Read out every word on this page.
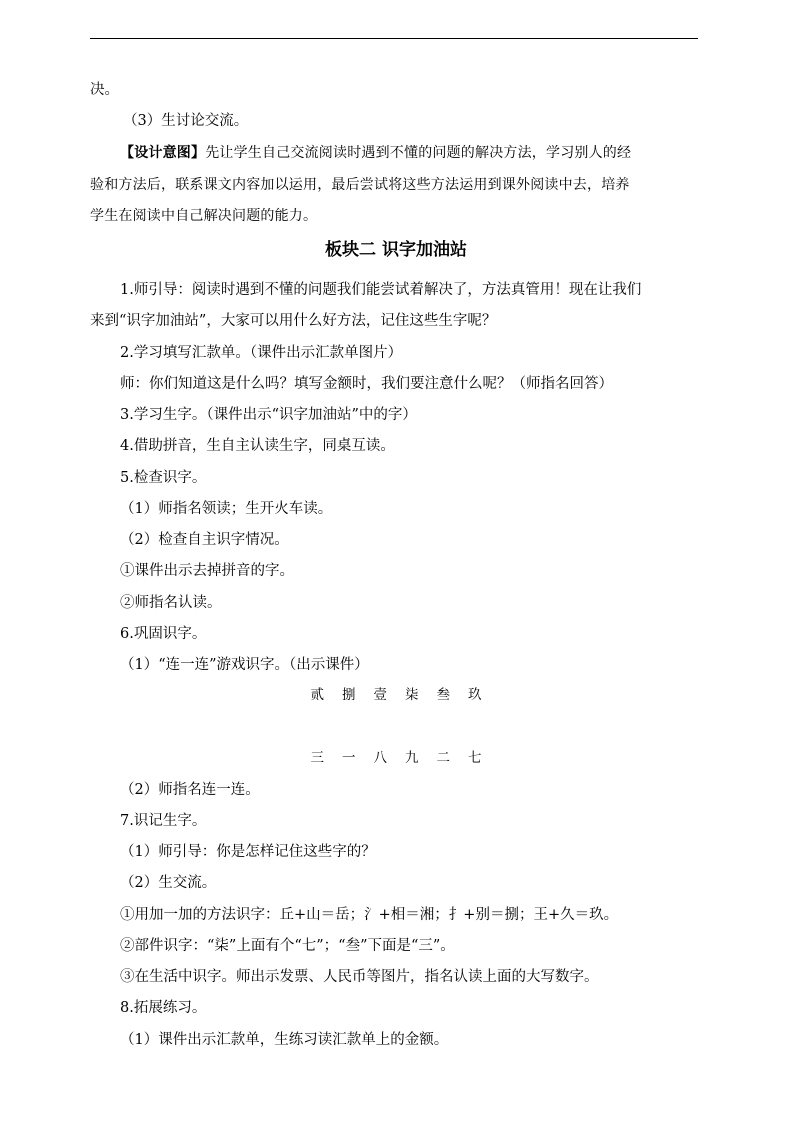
决。
（3）生讨论交流。
【设计意图】先让学生自己交流阅读时遇到不懂的问题的解决方法，学习别人的经
验和方法后，联系课文内容加以运用，最后尝试将这些方法运用到课外阅读中去，培养
学生在阅读中自己解决问题的能力。
板块二 识字加油站
1.师引导：阅读时遇到不懂的问题我们能尝试着解决了，方法真管用！现在让我们
来到“识字加油站”，大家可以用什么好方法，记住这些生字呢？
2.学习填写汇款单。（课件出示汇款单图片）
师：你们知道这是什么吗？填写金额时，我们要注意什么呢？（师指名回答）
3.学习生字。（课件出示“识字加油站”中的字）
4.借助拼音，生自主认读生字，同桌互读。
5.检查识字。
（1）师指名领读；生开火车读。
（2）检查自主识字情况。
①课件出示去掉拼音的字。
②师指名认读。
6.巩固识字。
（1）“连一连”游戏识字。（出示课件）
贰 捌 壹 柒 叁 玖
三 一 八 九 二 七
（2）师指名连一连。
7.识记生字。
（1）师引导：你是怎样记住这些字的？
（2）生交流。
①用加一加的方法识字：丘+山＝岳；氵+相＝湘；扌+别＝捌；王+久＝玖。
②部件识字：“柒”上面有个“七”；“叁”下面是“三”。
③在生活中识字。师出示发票、人民币等图片，指名认读上面的大写数字。
8.拓展练习。
（1）课件出示汇款单，生练习读汇款单上的金额。
